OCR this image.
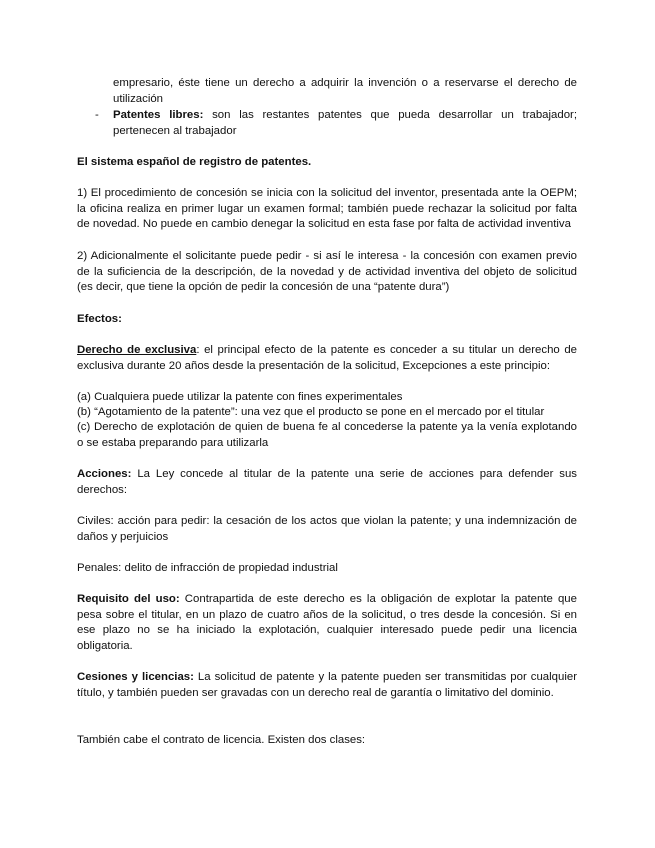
empresario, éste tiene un derecho a adquirir la invención o a reservarse el derecho de utilización

- Patentes libres: son las restantes patentes que pueda desarrollar un trabajador; pertenecen al trabajador

El sistema español de registro de patentes.

1) El procedimiento de concesión se inicia con la solicitud del inventor, presentada ante la OEPM; la oficina realiza en primer lugar un examen formal; también puede rechazar la solicitud por falta de novedad. No puede en cambio denegar la solicitud en esta fase por falta de actividad inventiva

2) Adicionalmente el solicitante puede pedir - si así le interesa - la concesión con examen previo de la suficiencia de la descripción, de la novedad y de actividad inventiva del objeto de solicitud (es decir, que tiene la opción de pedir la concesión de una “patente dura”)

Efectos:

Derecho de exclusiva: el principal efecto de la patente es conceder a su titular un derecho de exclusiva durante 20 años desde la presentación de la solicitud, Excepciones a este principio:

(a) Cualquiera puede utilizar la patente con fines experimentales

(b) “Agotamiento de la patente”: una vez que el producto se pone en el mercado por el titular

(c) Derecho de explotación de quien de buena fe al concederse la patente ya la venía explotando o se estaba preparando para utilizarla

Acciones: La Ley concede al titular de la patente una serie de acciones para defender sus derechos:

Civiles: acción para pedir: la cesación de los actos que violan la patente; y una indemnización de daños y perjuicios

Penales: delito de infracción de propiedad industrial

Requisito del uso: Contrapartida de este derecho es la obligación de explotar la patente que pesa sobre el titular, en un plazo de cuatro años de la solicitud, o tres desde la concesión. Si en ese plazo no se ha iniciado la explotación, cualquier interesado puede pedir una licencia obligatoria.

Cesiones y licencias: La solicitud de patente y la patente pueden ser transmitidas por cualquier título, y también pueden ser gravadas con un derecho real de garantía o limitativo del dominio.

También cabe el contrato de licencia. Existen dos clases:
